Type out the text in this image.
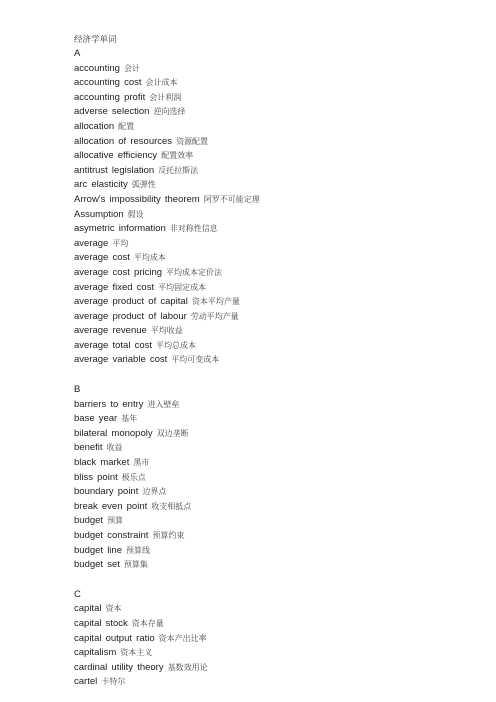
经济学单词
A
accounting 会计
accounting cost 会计成本
accounting profit 会计利润
adverse selection 逆向选择
allocation 配置
allocation of resources 资源配置
allocative efficiency 配置效率
antitrust legislation 反托拉斯法
arc elasticity 弧弹性
Arrow's impossibility theorem 阿罗不可能定理
Assumption 假设
asymetric information 非对称性信息
average 平均
average cost 平均成本
average cost pricing 平均成本定价法
average fixed cost 平均固定成本
average product of capital 资本平均产量
average product of labour 劳动平均产量
average revenue 平均收益
average total cost 平均总成本
average variable cost 平均可变成本
B
barriers to entry 进入壁垒
base year 基年
bilateral monopoly 双边垄断
benefit 收益
black market 黑市
bliss point 极乐点
boundary point 边界点
break even point 收支相抵点
budget 预算
budget constraint 预算约束
budget line 预算线
budget set 预算集
C
capital 资本
capital stock 资本存量
capital output ratio 资本产出比率
capitalism 资本主义
cardinal utility theory 基数效用论
cartel 卡特尔
